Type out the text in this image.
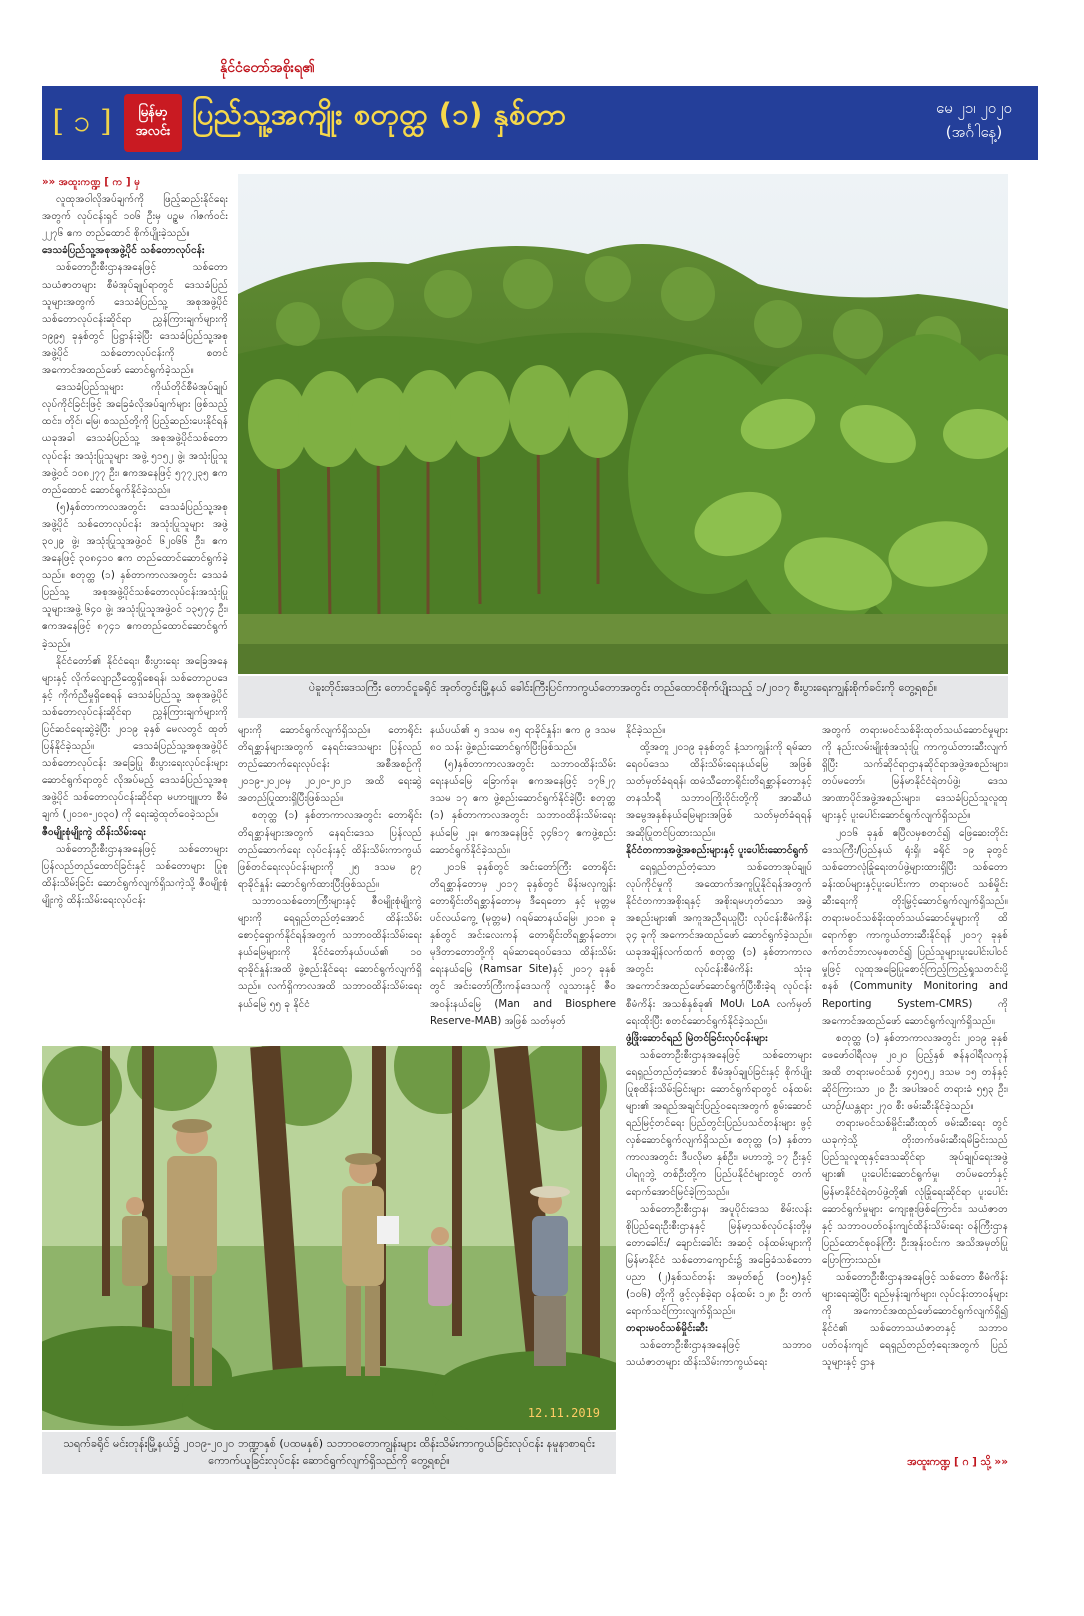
နိုင်ငံတော်အစိုးရ၏
[ ၁ ]	မြန်မာ့အလင်း
ပြည်သူ့အကျိုး စတုတ္ထ (၁) နှစ်တာ	မေ ၂၁၊ ၂၀၂၀
(အင်္ဂါနေ့)

»» အထူးကဏ္ဍ [ က ] မှ

လူထုအဝါလိုအပ်ချက်ကို ဖြည့်ဆည်းနိုင်ရေးအတွက် လုပ်ငန်းရှင် ၁၀၆ ဦးမှ ပဉ္စမ ဂါဇက်ဝင်း ၂၂၇၆ ဧက တည်ထောင် စိုက်ပျိုးခဲ့သည်။

ဒေသခံပြည်သူ့အစုအဖွဲ့ပိုင် သစ်တောလုပ်ငန်း

သစ်တောဦးစီးဌာနအနေဖြင့် သစ်တောသယံဇာတများ စီမံအုပ်ချုပ်ရာတွင် ဒေသခံပြည်သူများအတွက် ဒေသခံပြည်သူ့ အစုအဖွဲ့ပိုင် သစ်တောလုပ်ငန်းဆိုင်ရာ ညွှန်ကြားချက်များကို ၁၉၉၅ ခုနှစ်တွင် ပြဋ္ဌာန်းခဲ့ပြီး ဒေသခံပြည်သူ့အစုအဖွဲ့ပိုင် သစ်တောလုပ်ငန်းကို စတင်အကောင်အထည်ဖော် ဆောင်ရွက်ခဲ့သည်။

ဒေသခံပြည်သူများ ကိုယ်တိုင်စီမံအုပ်ချုပ်လုပ်ကိုင်ခြင်းဖြင့် အခြေခံလိုအပ်ချက်များ ဖြစ်သည့် ထင်း၊ တိုင်၊ မြေ၊ စသည်တို့ကို ပြည့်ဆည်းပေးနိုင်ရန် ယခုအခါ ဒေသခံပြည်သူ့ အစုအဖွဲ့ပိုင်သစ်တောလုပ်ငန်း အသုံးပြုသူများ အဖွဲ့ ၅၁၅၂ ဖွဲ့၊ အသုံးပြုသူအဖွဲ့ဝင် ၁၀၈၂၇၇ ဦး၊ ဧကအနေဖြင့် ၅၇၇၂၃၅ ဧက တည်ထောင် ဆောင်ရွက်နိုင်ခဲ့သည်။

(၅)နှစ်တာကာလအတွင်း ဒေသခံပြည်သူ့အစုအဖွဲ့ပိုင် သစ်တောလုပ်ငန်း အသုံးပြုသူများ အဖွဲ့ ၃၀၂၉ ဖွဲ့၊ အသုံးပြုသူအဖွဲ့ဝင် ၆၂၀၆၆ ဦး၊ ဧကအနေဖြင့် ၃၀၈၄၁၀ ဧက တည်ထောင်ဆောင်ရွက်ခဲ့သည်။ စတုတ္ထ (၁) နှစ်တာကာလအတွင်း ဒေသခံပြည်သူ့ အစုအဖွဲ့ပိုင်သစ်တောလုပ်ငန်းအသုံးပြုသူများအဖွဲ့ ၆၄၀ ဖွဲ့၊ အသုံးပြုသူအဖွဲ့ဝင် ၁၃၅၇၄ ဦး၊ ဧကအနေဖြင့် ၈၇၄၁ ဧကတည်ထောင်ဆောင်ရွက် ခဲ့သည်။

နိုင်ငံတော်၏ နိုင်ငံရေး၊ စီးပွားရေး အခြေအနေများနှင့် လိုက်လျောညီထွေရှိစေရန်၊ သစ်တောဥပဒေနှင့် ကိုက်ညီမှုရှိစေရန် ဒေသခံပြည်သူ့ အစုအဖွဲ့ပိုင်သစ်တောလုပ်ငန်းဆိုင်ရာ ညွှန်ကြားချက်များကို ပြင်ဆင်ရေးဆွဲခဲ့ပြီး ၂၀၁၉ ခုနှစ် မေလတွင် ထုတ်ပြန်နိုင်ခဲ့သည်။ ဒေသခံပြည်သူ့အစုအဖွဲ့ပိုင် သစ်တောလုပ်ငန်း အခြေပြု စီးပွားရေးလုပ်ငန်းများ ဆောင်ရွက်ရာတွင် လိုအပ်မည့် ဒေသခံပြည်သူ့အစုအဖွဲ့ပိုင် သစ်တောလုပ်ငန်းဆိုင်ရာ မဟာဗျူဟာ စီမံချက် (၂၀၁၈-၂၀၃၀) ကို ရေးဆွဲထုတ်ဝေခဲ့သည်။

ဇီဝမျိုးစုံမျိုးကွဲ ထိန်းသိမ်းရေး

သစ်တောဦးစီးဌာနအနေဖြင့် သစ်တောများ ပြန်လည်တည်ထောင်ခြင်းနှင့် သစ်တောများ ပြုစုထိန်းသိမ်းခြင်း ဆောင်ရွက်လျက်ရှိသကဲ့သို့ ဇီဝမျိုးစုံမျိုးကွဲ ထိန်းသိမ်းရေးလုပ်ငန်း

ပဲခူးတိုင်းဒေသကြီး တောင်ငူခရိုင် အုတ်တွင်းမြို့နယ် ခေါင်းကြီးပြင်ကာကွယ်တောအတွင်း တည်ထောင်စိုက်ပျိုးသည့် ၁/၂၀၁၇ စီးပွားရေးကျွန်းစိုက်ခင်းကို တွေ့ရစဉ်။

များကို ဆောင်ရွက်လျက်ရှိသည်။ တောရိုင်းတိရစ္ဆာန်များအတွက် နေရင်းဒေသများ ပြန်လည်တည်ဆောက်ရေးလုပ်ငန်း အစီအစဉ်ကို ၂၀၁၉-၂၀၂၀မှ ၂၀၂၀-၂၀၂၁ အထိ ရေးဆွဲ အတည်ပြုထားရှိပြီးဖြစ်သည်။

စတုတ္ထ (၁) နှစ်တာကာလအတွင်း တောရိုင်းတိရစ္ဆာန်များအတွက် နေရင်းဒေသ ပြန်လည်တည်ဆောက်ရေး လုပ်ငန်းနှင့် ထိန်းသိမ်းကာကွယ် ဖြစ်တင်ရေးလုပ်ငန်းများကို ၂၅ ဒသမ ၉၇ ရာခိုင်နှုန်း ဆောင်ရွက်ထားပြီးဖြစ်သည်။

သဘာဝသစ်တောကြီးများနှင့် ဇီဝမျိုးစုံမျိုးကွဲများကို ရေရှည်တည်တံ့အောင် ထိန်းသိမ်းစောင့်ရှောက်နိုင်ရန်အတွက် သဘာဝထိန်းသိမ်းရေးနယ်မြေများကို နိုင်ငံတော်နယ်ပယ်၏ ၁၀ ရာခိုင်နှုန်းအထိ ဖွဲ့စည်းနိုင်ရေး ဆောင်ရွက်လျက်ရှိသည်။ လက်ရှိကာလအထိ သဘာဝထိန်းသိမ်းရေးနယ်မြေ ၅၅ ခု နိုင်ငံ

နယ်ပယ်၏ ၅ ဒသမ ၈၅ ရာခိုင်နှုန်း၊ ဧက ၉ ဒသမ ၈၀ သန်း ဖွဲ့စည်းဆောင်ရွက်ပြီးဖြစ်သည်။

(၅)နှစ်တာကာလအတွင်း သဘာဝထိန်းသိမ်းရေးနယ်မြေ ခြောက်ခု၊ ဧကအနေဖြင့် ၁၇၆၂၇ ဒသမ ၁၇ ဧက ဖွဲ့စည်းဆောင်ရွက်နိုင်ခဲ့ပြီး စတုတ္ထ (၁) နှစ်တာကာလအတွင်း သဘာဝထိန်းသိမ်းရေးနယ်မြေ ၂ခု၊ ဧကအနေဖြင့် ၃၄၆၁၇ ဧကဖွဲ့စည်းဆောင်ရွက်နိုင်ခဲ့သည်။

၂၀၁၆ ခုနှစ်တွင် အင်းတော်ကြီး တောရိုင်းတိရစ္ဆာန်တောမှ ၂၀၁၇ ခုနှစ်တွင် မိန်းမလှကျွန်းတောရိုင်းတိရစ္ဆာန်တောမှ ဒီရေတော နှင့် မုတ္တမပင်လယ်ကွေ့ (မုတ္တမ) ဂရမ်ဆာနယ်မြေ၊ ၂၀၁၈ ခုနှစ်တွင် အင်းလေးကန် တောရိုင်းတိရစ္ဆာန်တော၊ မုဒိတာတောတို့ကို ရမ်ဆာရေဝပ်ဒေသ ထိန်းသိမ်းရေးနယ်မြေ (Ramsar Site)နှင့် ၂၀၁၇ ခုနှစ်တွင် အင်းတော်ကြီးကန်ဒေသကို လူသားနှင့် ဇီဝအဝန်းနယ်မြေ (Man and Biosphere Reserve-MAB) အဖြစ် သတ်မှတ်

12.11.2019
သရက်ခရိုင် မင်းတုန်းမြို့နယ်၌ ၂၀၁၉-၂၀၂၀ ဘဏ္ဍာနှစ် (ပထမနှစ်) သဘာဝတောကျွန်းများ ထိန်းသိမ်းကာကွယ်ခြင်းလုပ်ငန်း နမူနာစာရင်းကောက်ယူခြင်းလုပ်ငန်း ဆောင်ရွက်လျက်ရှိသည်ကို တွေ့ရစဉ်။

နိုင်ခဲ့သည်။

ထို့အတူ ၂၀၁၉ ခုနှစ်တွင် နံ့သာကျွန်းကို ရမ်ဆာရေဝပ်ဒေသ ထိန်းသိမ်းရေးနယ်မြေ အဖြစ် သတ်မှတ်ခံရရန်၊ ထမံသီတောရိုင်းတိရစ္ဆာန်တောနှင့် တနင်္သာရီ သဘာဝကြိုးဝိုင်းတို့ကို အာဆီယံအမွေအနှစ်နယ်မြေများအဖြစ် သတ်မှတ်ခံရရန် အဆိုပြုတင်ပြထားသည်။

နိုင်ငံတကာအဖွဲ့အစည်းများနှင့် ပူးပေါင်းဆောင်ရွက်

ရေရှည်တည်တံ့သော သစ်တောအုပ်ချုပ်လုပ်ကိုင်မှုကို အထောက်အကူပြုနိုင်ရန်အတွက် နိုင်ငံတကာအစိုးရနှင့် အစိုးရမဟုတ်သော အဖွဲ့အစည်းများ၏ အကူအညီရယူပြီး လုပ်ငန်းစီမံကိန်း ၃၄ ခုကို အကောင်အထည်ဖော် ဆောင်ရွက်ခဲ့သည်။ ယခုအချိန်လက်ထက် စတုတ္ထ (၁) နှစ်တာကာလအတွင်း လုပ်ငန်းစီမံကိန်း သုံးခု အကောင်အထည်ဖော်ဆောင်ရွက်ပြီးစီးခဲ့ရ လုပ်ငန်းစီမံကိန်း အသစ်နှစ်ခု၏ MoU၊ LoA လက်မှတ်ရေးထိုးပြီး စတင်ဆောင်ရွက်နိုင်ခဲ့သည်။

ဖွံ့ဖြိုးဆောင်ရည် မြဲတင်ခြင်းလုပ်ငန်းများ

သစ်တောဦးစီးဌာနအနေဖြင့် သစ်တောများ ရေရှည်တည်တံ့အောင် စီမံအုပ်ချုပ်ခြင်းနှင့် စိုက်ပျိုးပြုစုထိန်းသိမ်းခြင်းများ ဆောင်ရွက်ရာတွင် ဝန်ထမ်းများ၏ အရည်အချင်းပြည့်ဝရေးအတွက် စွမ်းဆောင်ရည်မြင့်တင်ရေး ပြည်တွင်းပြည်ပသင်တန်းများ ဖွင့်လှစ်ဆောင်ရွက်လျက်ရှိသည်။ စတုတ္ထ (၁) နှစ်တာကာလအတွင်း ဒီပလိုမာ နှစ်ဦး၊ မဟာဘွဲ့ ၁၇ ဦးနှင့် ပါရဂူဘွဲ့ တစ်ဦးတို့က ပြည်ပနိုင်ငံများတွင် တက်ရောက်အောင်မြင်ခဲ့ကြသည်။

သစ်တောဦးစီးဌာန၊ အပူပိုင်းဒေသ စိမ်းလန်းစိုပြည်ရေးဦးစီးဌာနနှင့် မြန်မာ့သစ်လုပ်ငန်းတို့မှ တောခေါင်း/ ချောင်းခေါင်း အဆင့် ဝန်ထမ်းများကို မြန်မာနိုင်ငံ သစ်တောကျောင်း၌ အခြေခံသစ်တောပညာ (၂)နှစ်သင်တန်း အမှတ်စဉ် (၁၀၅)နှင့် (၁၀၆) တို့ကို ဖွင့်လှစ်ခဲ့ရာ ဝန်ထမ်း ၁၂၈ ဦး တက်ရောက်သင်ကြားလျက်ရှိသည်။

တရားမဝင်သစ်မှိုင်းဆီး

သစ်တောဦးစီးဌာနအနေဖြင့် သဘာဝသယံဇာတများ ထိန်းသိမ်းကာကွယ်ရေး

အတွက် တရားမဝင်သစ်ခိုးထုတ်သယ်ဆောင်မှုများကို နည်းလမ်းမျိုးစုံအသုံးပြု ကာကွယ်တားဆီးလျက်ရှိပြီး သက်ဆိုင်ရာဌာနဆိုင်ရာအဖွဲ့အစည်းများ၊ တပ်မတော်၊ မြန်မာနိုင်ငံရဲတပ်ဖွဲ့၊ ဒေသအာဏာပိုင်အဖွဲ့အစည်းများ၊ ဒေသခံပြည်သူလူထုများနှင့် ပူးပေါင်းဆောင်ရွက်လျက်ရှိသည်။

၂၀၁၆ ခုနှစ် ဧပြီလမှစတင်၍ ဖြေဆေးတိုင်းဒေသကြီး/ပြည်နယ် ရုံးရှိ၊ ခရိုင် ၁၉ ခုတွင် သစ်တောလုံခြုံရေးတပ်ဖွဲ့များထားရှိပြီး သစ်တောခန်းထပ်များနှင့်ပူးပေါင်းကာ တရားမဝင် သစ်မှိုင်းဆီးရေးကို တိုးမြှင့်ဆောင်ရွက်လျက်ရှိသည်။ တရားမဝင်သစ်ခိုးထုတ်သယ်ဆောင်မှုများကို ထိရောက်စွာ ကာကွယ်တားဆီးနိုင်ရန် ၂၀၁၇ ခုနှစ် ဇက်တင်ဘာလမှစတင်၍ ပြည်သူများပူးပေါင်းပါဝင်မှုဖြင့် လူထုအခြေပြုစောင့်ကြည့်ကြည့်ရှုသတင်းပို့စနစ် (Community Monitoring and Reporting System-CMRS) ကို အကောင်အထည်ဖော် ဆောင်ရွက်လျက်ရှိသည်။

စတုတ္ထ (၁) နှစ်တာကာလအတွင်း ၂၀၁၉ ခုနှစ် ဖေဖော်ဝါရီလမှ ၂၀၂၀ ပြည့်နှစ် ဇန်နဝါရီလကုန်အထိ တရားမဝင်သစ် ၄၅၀၅၂ ဒသမ ၁၅ တန်နှင့် ဆိုင်ကြားသာ ၂၀ ဦး အပါအဝင် တရားခံ ၅၅၃ ဦး၊ ယာဉ်/ယန္တရား ၂၇၀ စီး ဖမ်းဆီးနိုင်ခဲ့သည်။

တရားမဝင်သစ်မှိုင်းဆီးထုတ် ဖမ်းဆီးရေး တွင် ယခုကဲ့သို့ တိုးတက်ဖမ်းဆီးရမိခြင်းသည် ပြည်သူလူထုနှင့်ဒေသဆိုင်ရာ အုပ်ချုပ်ရေးအဖွဲ့များ၏ ပူးပေါင်းဆောင်ရွက်မှု၊ တပ်မတော်နှင့် မြန်မာနိုင်ငံရဲတပ်ဖွဲ့တို့၏ လုံခြုံရေးဆိုင်ရာ ပူးပေါင်းဆောင်ရွက်မှုများ ကျေးဇူးဖြစ်ကြောင်း၊ သယံဇာတနှင့် သဘာဝပတ်ဝန်းကျင်ထိန်းသိမ်းရေး ဝန်ကြီးဌာန ပြည်ထောင်စုဝန်ကြီး ဦးအုန်းဝင်းက အသိအမှတ်ပြု ပြောကြားသည်။

သစ်တောဦးစီးဌာနအနေဖြင့် သစ်တော စီမံကိန်းများရေးဆွဲပြီး ရည်မှန်းချက်များ၊ လုပ်ငန်းတာဝန်များကို အကောင်အထည်ဖော်ဆောင်ရွက်လျက်ရှိ၍ နိုင်ငံ၏ သစ်တောသယံဇာတနှင့် သဘာဝပတ်ဝန်းကျင် ရေရှည်တည်တံ့ရေးအတွက် ပြည်သူများနှင့် ဌာန

အထူးကဏ္ဍ [ ဂ ] သို့ »»
